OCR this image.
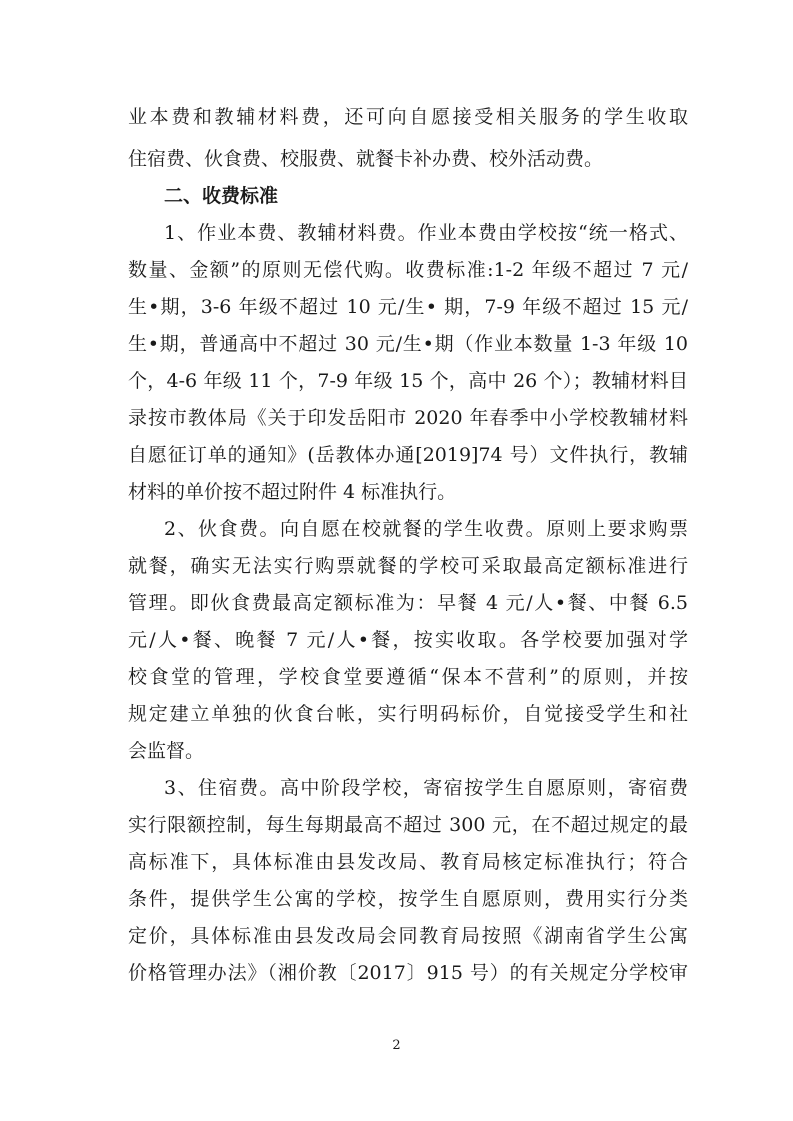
业本费和教辅材料费，还可向自愿接受相关服务的学生收取
住宿费、伙食费、校服费、就餐卡补办费、校外活动费。
二、收费标准
1、作业本费、教辅材料费。作业本费由学校按“统一格式、
数量、金额”的原则无偿代购。收费标准:1-2 年级不超过 7 元/
生•期，3-6 年级不超过 10 元/生• 期，7-9 年级不超过 15 元/
生•期，普通高中不超过 30 元/生•期（作业本数量 1-3 年级 10
个，4-6 年级 11 个，7-9 年级 15 个，高中 26 个）；教辅材料目
录按市教体局《关于印发岳阳市 2020 年春季中小学校教辅材料
自愿征订单的通知》(岳教体办通[2019]74 号）文件执行，教辅
材料的单价按不超过附件 4 标准执行。
2、伙食费。向自愿在校就餐的学生收费。原则上要求购票
就餐，确实无法实行购票就餐的学校可采取最高定额标准进行
管理。即伙食费最高定额标准为：早餐 4 元/人•餐、中餐 6.5
元/人•餐、晚餐 7 元/人•餐，按实收取。各学校要加强对学
校食堂的管理，学校食堂要遵循“保本不营利”的原则，并按
规定建立单独的伙食台帐，实行明码标价，自觉接受学生和社
会监督。
3、住宿费。高中阶段学校，寄宿按学生自愿原则，寄宿费
实行限额控制，每生每期最高不超过 300 元，在不超过规定的最
高标准下，具体标准由县发改局、教育局核定标准执行；符合
条件，提供学生公寓的学校，按学生自愿原则，费用实行分类
定价，具体标准由县发改局会同教育局按照《湖南省学生公寓
价格管理办法》（湘价教〔2017〕915 号）的有关规定分学校审
2
